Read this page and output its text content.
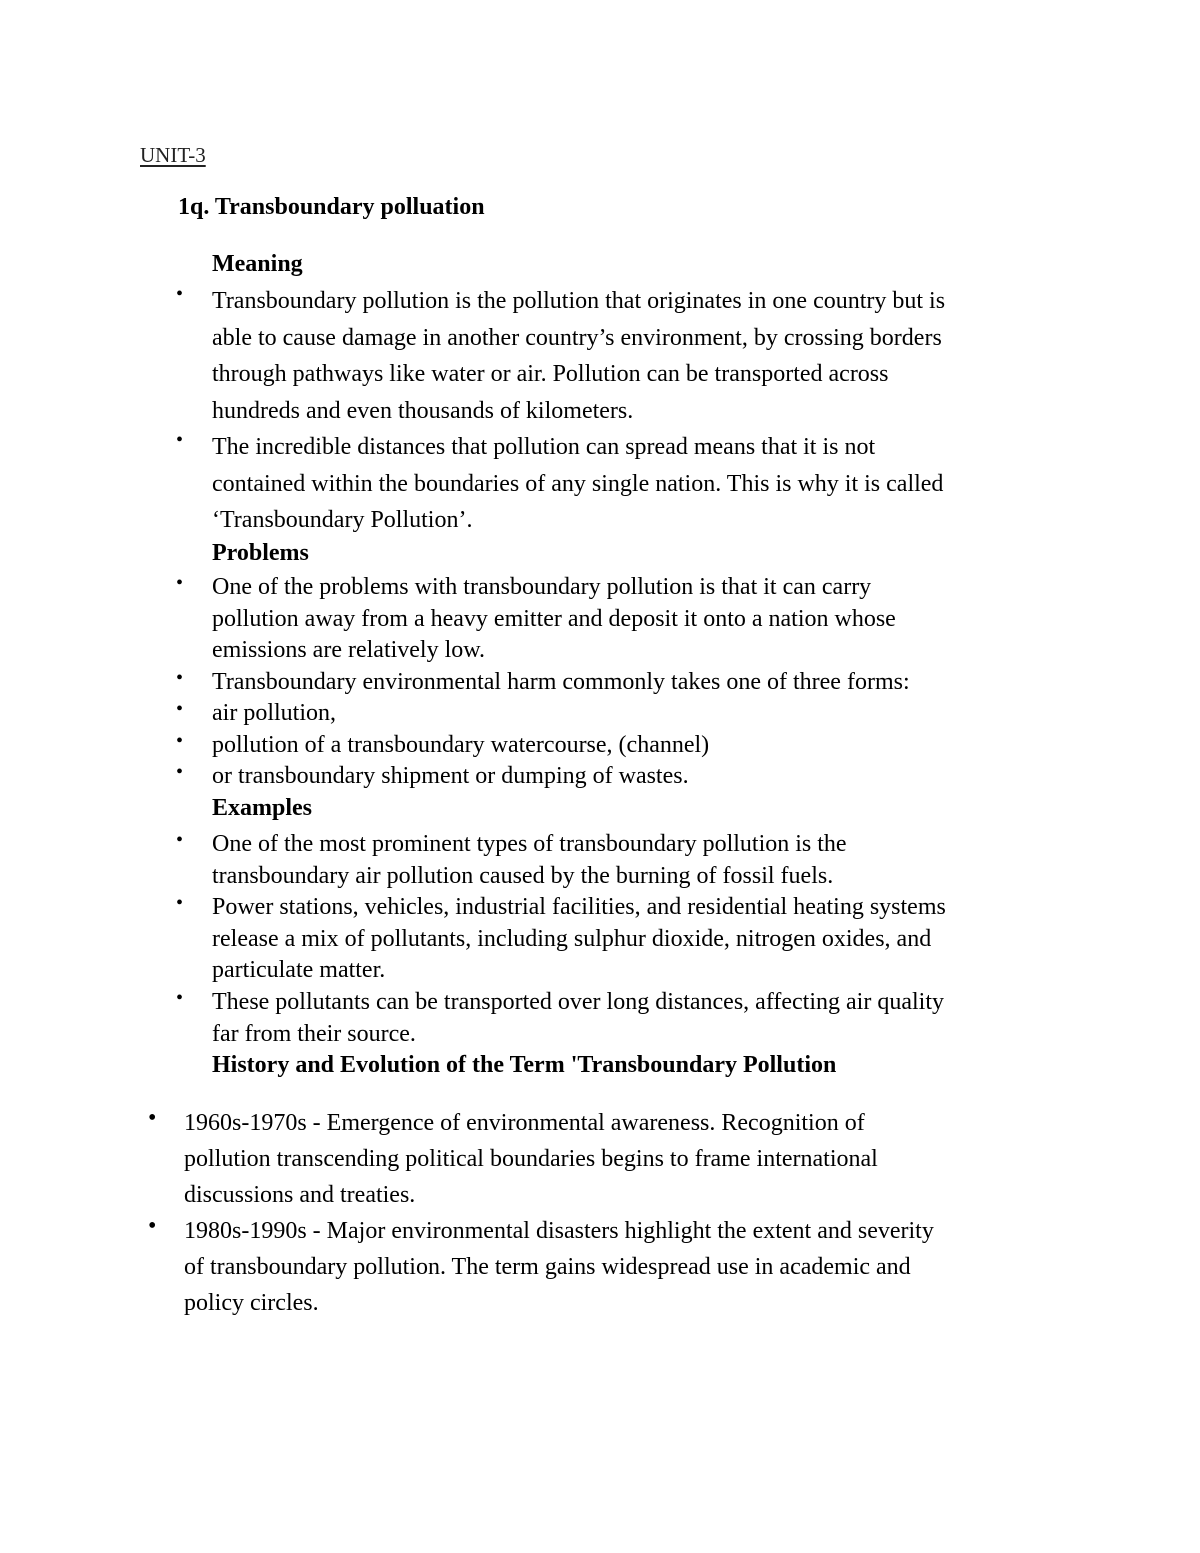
UNIT-3
1q. Transboundary polluation
Meaning
• Transboundary pollution is the pollution that originates in one country but is
able to cause damage in another country’s environment, by crossing borders
through pathways like water or air. Pollution can be transported across
hundreds and even thousands of kilometers.
• The incredible distances that pollution can spread means that it is not
contained within the boundaries of any single nation. This is why it is called
‘Transboundary Pollution’.
Problems
• One of the problems with transboundary pollution is that it can carry
pollution away from a heavy emitter and deposit it onto a nation whose
emissions are relatively low.
• Transboundary environmental harm commonly takes one of three forms:
• air pollution,
• pollution of a transboundary watercourse, (channel)
• or transboundary shipment or dumping of wastes.
Examples
• One of the most prominent types of transboundary pollution is the
transboundary air pollution caused by the burning of fossil fuels.
• Power stations, vehicles, industrial facilities, and residential heating systems
release a mix of pollutants, including sulphur dioxide, nitrogen oxides, and
particulate matter.
• These pollutants can be transported over long distances, affecting air quality
far from their source.
History and Evolution of the Term 'Transboundary Pollution
• 1960s-1970s - Emergence of environmental awareness. Recognition of
pollution transcending political boundaries begins to frame international
discussions and treaties.
• 1980s-1990s - Major environmental disasters highlight the extent and severity
of transboundary pollution. The term gains widespread use in academic and
policy circles.
